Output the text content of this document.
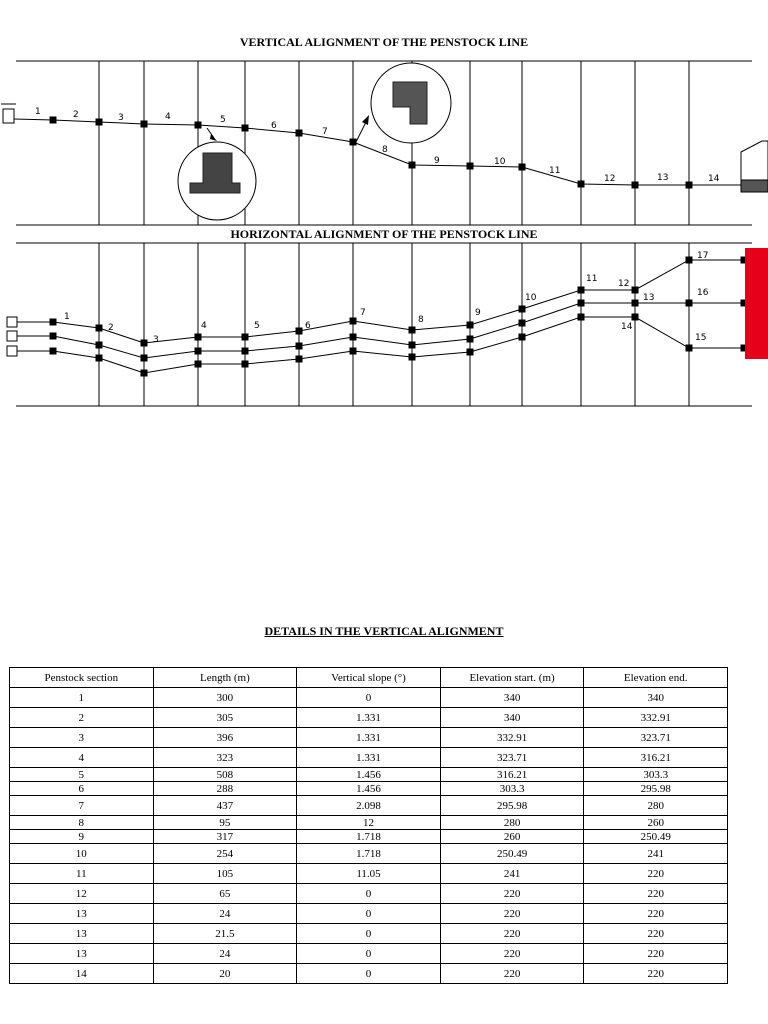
1	2	3	4	5
6
7
8
9	10
11
12	13	14
1
2
3
4	5	6
7
8
9
10
11 12
13
14
15
16
17
VERTICAL ALIGNMENT OF THE PENSTOCK LINE
HORIZONTAL ALIGNMENT OF THE PENSTOCK LINE
DETAILS IN THE VERTICAL ALIGNMENT
Penstock section	Length (m)	Vertical slope (°)	Elevation start. (m)	Elevation end.
1	300	0	340	340
2	305	1.331	340	332.91
3	396	1.331	332.91	323.71
4	323	1.331	323.71	316.21
5	508	1.456	316.21	303.3
6	288	1.456	303.3	295.98
7	437	2.098	295.98	280
8	95	12	280	260
9	317	1.718	260	250.49
10	254	1.718	250.49	241
11	105	11.05	241	220
12	65	0	220	220
13	24	0	220	220
13	21.5	0	220	220
13	24	0	220	220
14	20	0	220	220
